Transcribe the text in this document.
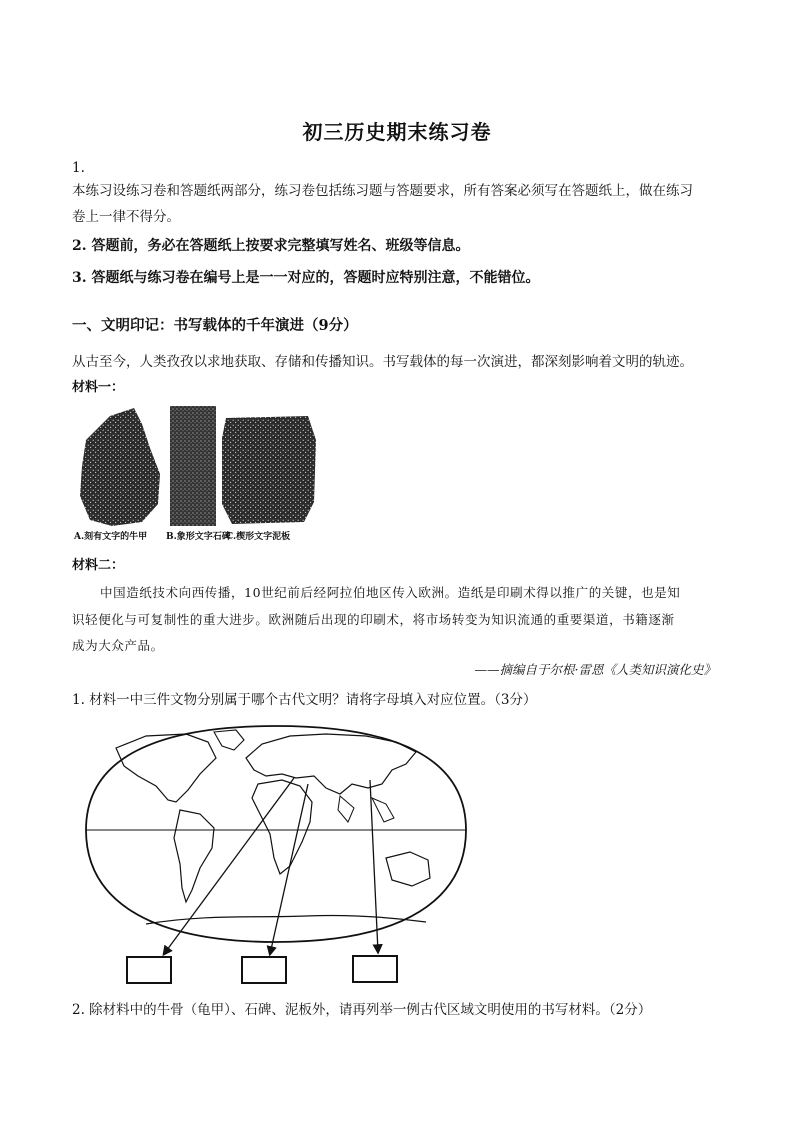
初三历史期末练习卷
1.
本练习设练习卷和答题纸两部分，练习卷包括练习题与答题要求，所有答案必须写在答题纸上，做在练习
卷上一律不得分。
2. 答题前，务必在答题纸上按要求完整填写姓名、班级等信息。
3. 答题纸与练习卷在编号上是一一对应的，答题时应特别注意，不能错位。
一、文明印记：书写载体的千年演进（9分）
从古至今，人类孜孜以求地获取、存储和传播知识。书写载体的每一次演进，都深刻影响着文明的轨迹。
材料一：
A.刻有文字的牛甲 B.象形文字石碑
C.楔形文字泥板
材料二：
中国造纸技术向西传播，10世纪前后经阿拉伯地区传入欧洲。造纸是印刷术得以推广的关键，也是知
识轻便化与可复制性的重大进步。欧洲随后出现的印刷术，将市场转变为知识流通的重要渠道，书籍逐渐
成为大众产品。
——摘编自于尔根·雷恩《人类知识演化史》
1. 材料一中三件文物分别属于哪个古代文明？请将字母填入对应位置。（3分）
2. 除材料中的牛骨（龟甲）、石碑、泥板外，请再列举一例古代区域文明使用的书写材料。（2分）
